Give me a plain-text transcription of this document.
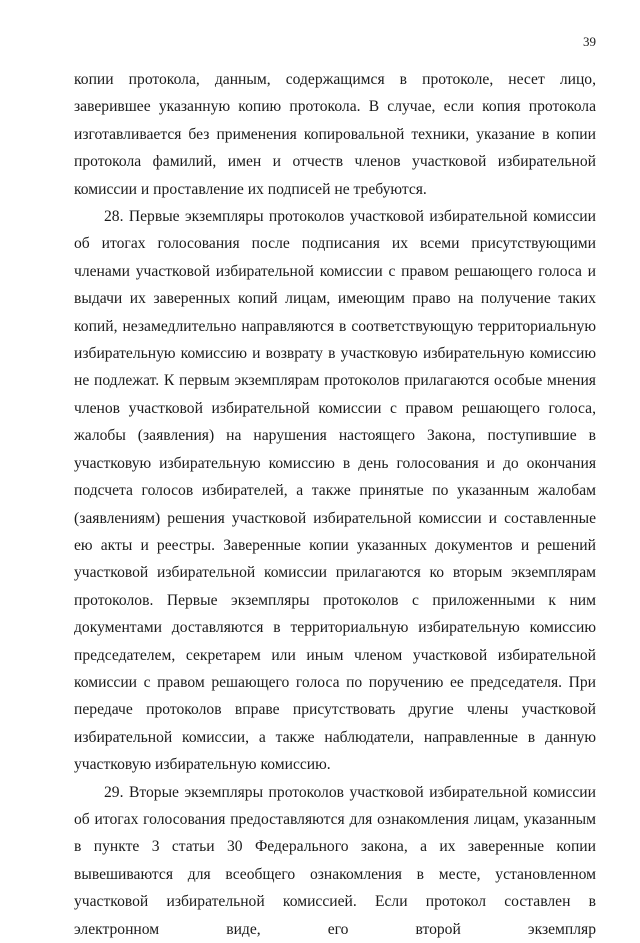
39

копии протокола, данным, содержащимся в протоколе, несет лицо, заверившее указанную копию протокола. В случае, если копия протокола изготавливается без применения копировальной техники, указание в копии протокола фамилий, имен и отчеств членов участковой избирательной комиссии и проставление их подписей не требуются.

28. Первые экземпляры протоколов участковой избирательной комиссии об итогах голосования после подписания их всеми присутствующими членами участковой избирательной комиссии с правом решающего голоса и выдачи их заверенных копий лицам, имеющим право на получение таких копий, незамедлительно направляются в соответствующую территориальную избирательную комиссию и возврату в участковую избирательную комиссию не подлежат. К первым экземплярам протоколов прилагаются особые мнения членов участковой избирательной комиссии с правом решающего голоса, жалобы (заявления) на нарушения настоящего Закона, поступившие в участковую избирательную комиссию в день голосования и до окончания подсчета голосов избирателей, а также принятые по указанным жалобам (заявлениям) решения участковой избирательной комиссии и составленные ею акты и реестры. Заверенные копии указанных документов и решений участковой избирательной комиссии прилагаются ко вторым экземплярам протоколов. Первые экземпляры протоколов с приложенными к ним документами доставляются в территориальную избирательную комиссию председателем, секретарем или иным членом участковой избирательной комиссии с правом решающего голоса по поручению ее председателя. При передаче протоколов вправе присутствовать другие члены участковой избирательной комиссии, а также наблюдатели, направленные в данную участковую избирательную комиссию.

29. Вторые экземпляры протоколов участковой избирательной комиссии об итогах голосования предоставляются для ознакомления лицам, указанным в пункте 3 статьи 30 Федерального закона, а их заверенные копии вывешиваются для всеобщего ознакомления в месте, установленном участковой избирательной комиссией. Если протокол составлен в электронном виде, его второй экземпляр
